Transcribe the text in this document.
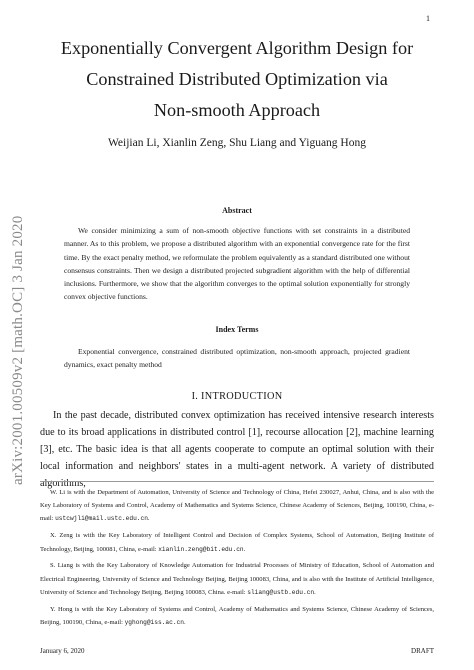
1
arXiv:2001.00509v2 [math.OC] 3 Jan 2020
Exponentially Convergent Algorithm Design for
Constrained Distributed Optimization via
Non-smooth Approach
Weijian Li, Xianlin Zeng, Shu Liang and Yiguang Hong
Abstract
We consider minimizing a sum of non-smooth objective functions with set constraints in a distributed manner. As to this problem, we propose a distributed algorithm with an exponential convergence rate for the first time. By the exact penalty method, we reformulate the problem equivalently as a standard distributed one without consensus constraints. Then we design a distributed projected subgradient algorithm with the help of differential inclusions. Furthermore, we show that the algorithm converges to the optimal solution exponentially for strongly convex objective functions.
Index Terms
Exponential convergence, constrained distributed optimization, non-smooth approach, projected gradient dynamics, exact penalty method
I. INTRODUCTION
In the past decade, distributed convex optimization has received intensive research interests due to its broad applications in distributed control [1], recourse allocation [2], machine learning [3], etc. The basic idea is that all agents cooperate to compute an optimal solution with their local information and neighbors' states in a multi-agent network. A variety of distributed algorithms,
W. Li is with the Department of Automation, University of Science and Technology of China, Hefei 230027, Anhui, China, and is also with the Key Laboratory of Systems and Control, Academy of Mathematics and Systems Science, Chinese Academy of Sciences, Beijing, 100190, China, e-mail: ustcwjli@mail.ustc.edu.cn.
X. Zeng is with the Key Laboratory of Intelligent Control and Decision of Complex Systems, School of Automation, Beijing Institute of Technology, Beijing, 100081, China, e-mail: xianlin.zeng@bit.edu.cn.
S. Liang is with the Key Laboratory of Knowledge Automation for Industrial Processes of Ministry of Education, School of Automation and Electrical Engineering, University of Science and Technology Beijing, Beijing 100083, China, and is also with the Institute of Artificial Intelligence, University of Science and Technology Beijing, Beijing 100083, China. e-mail: sliang@ustb.edu.cn.
Y. Hong is with the Key Laboratory of Systems and Control, Academy of Mathematics and Systems Science, Chinese Academy of Sciences, Beijing, 100190, China, e-mail: yghong@iss.ac.cn.
January 6, 2020	DRAFT
